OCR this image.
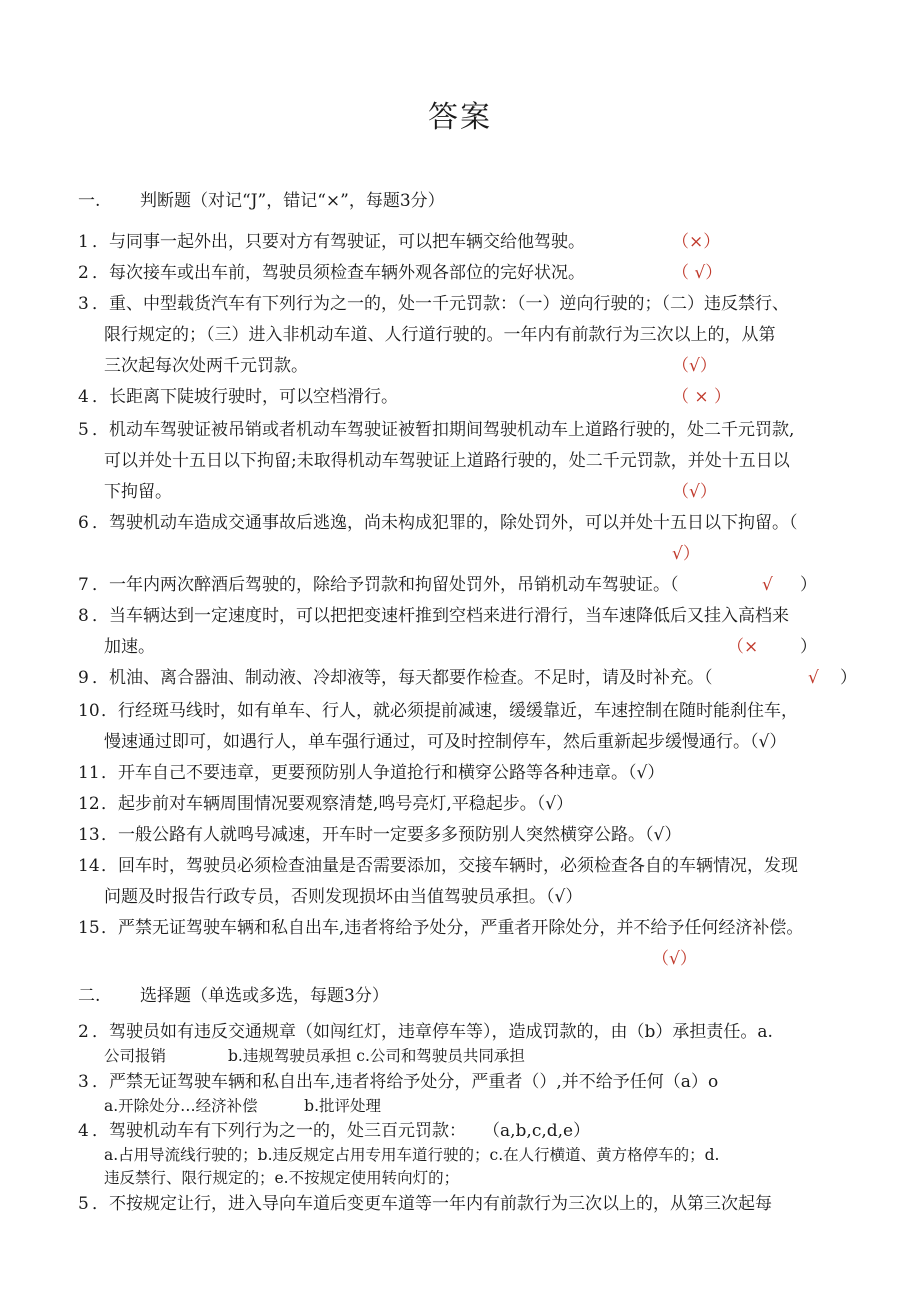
答案
一. 判断题（对记“J”，错记“×”，每题3分）
1 ．与同事一起外出，只要对方有驾驶证，可以把车辆交给他驾驶。	（×）
2 ．每次接车或出车前，驾驶员须检查车辆外观各部位的完好状况。	（ √）
3 ．重、中型载货汽车有下列行为之一的，处一千元罚款：（一）逆向行驶的；（二）违反禁行、
限行规定的；（三）进入非机动车道、人行道行驶的。一年内有前款行为三次以上的，从第
三次起每次处两千元罚款。	（√）
4 ．长距离下陡坡行驶时，可以空档滑行。	（ × ）
5 ．机动车驾驶证被吊销或者机动车驾驶证被暂扣期间驾驶机动车上道路行驶的，处二千元罚款,
可以并处十五日以下拘留;未取得机动车驾驶证上道路行驶的，处二千元罚款，并处十五日以
下拘留。	（√）
6 ．驾驶机动车造成交通事故后逃逸，尚未构成犯罪的，除处罚外，可以并处十五日以下拘留。（
√）
7 ．一年内两次醉酒后驾驶的，除给予罚款和拘留处罚外，吊销机动车驾驶证。（	√ ）
8 ．当车辆达到一定速度时，可以把把变速杆推到空档来进行滑行，当车速降低后又挂入高档来
加速。	（× ）
9 ．机油、离合器油、制动液、冷却液等，每天都要作检查。不足时，请及时补充。（	√ ）
10 ．行经斑马线时，如有单车、行人，就必须提前减速，缓缓靠近，车速控制在随时能刹住车，
慢速通过即可，如遇行人，单车强行通过，可及时控制停车，然后重新起步缓慢通行。（√）
11 ．开车自己不要违章，更要预防别人争道抢行和横穿公路等各种违章。（√）
12 ．起步前对车辆周围情况要观察清楚,鸣号亮灯,平稳起步。（√）
13 ．一般公路有人就鸣号减速，开车时一定要多多预防别人突然横穿公路。（√）
14 ．回车时，驾驶员必须检查油量是否需要添加，交接车辆时，必须检查各自的车辆情况，发现
问题及时报告行政专员，否则发现损坏由当值驾驶员承担。（√）
15 ．严禁无证驾驶车辆和私自出车,违者将给予处分，严重者开除处分，并不给予任何经济补偿。
（√）
二. 选择题（单选或多选，每题3分）
2 ．驾驶员如有违反交通规章（如闯红灯，违章停车等），造成罚款的，由（b）承担责任。a.
公司报销　　　　b.违规驾驶员承担 c.公司和驾驶员共同承担
3 ．严禁无证驾驶车辆和私自出车,违者将给予处分，严重者（）,并不给予任何（a）o
a.开除处分…经济补偿　　　b.批评处理
4 ．驾驶机动车有下列行为之一的，处三百元罚款：　　（a,b,c,d,e）
a.占用导流线行驶的；b.违反规定占用专用车道行驶的；c.在人行横道、黄方格停车的；d.
违反禁行、限行规定的；e.不按规定使用转向灯的；
5 ．不按规定让行，进入导向车道后变更车道等一年内有前款行为三次以上的，从第三次起每
